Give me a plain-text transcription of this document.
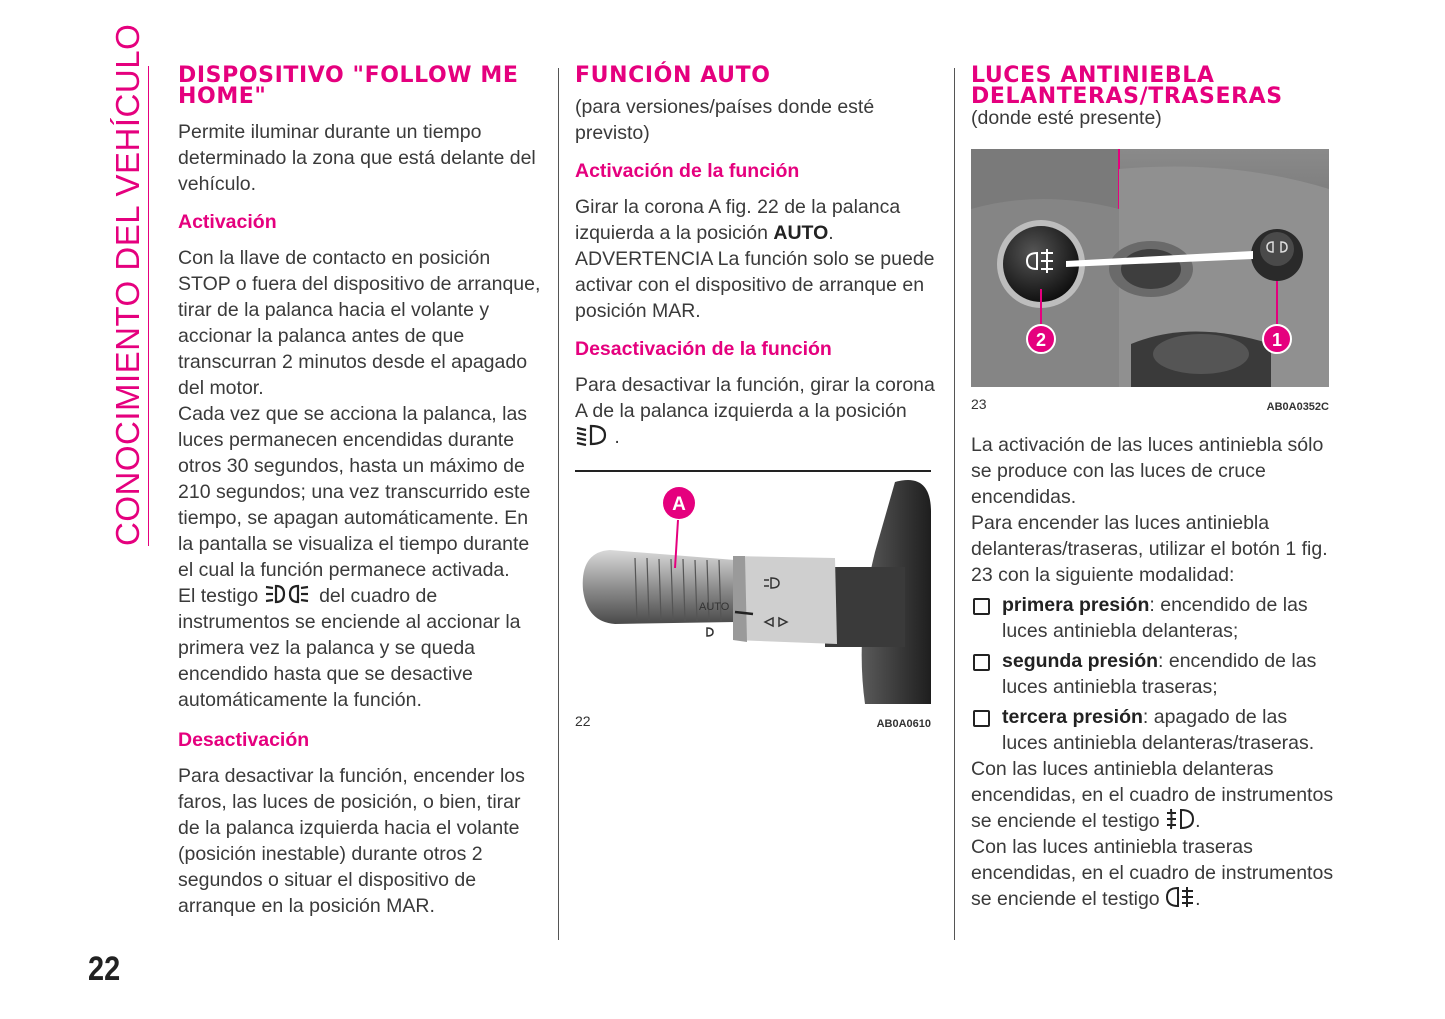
CONOCIMIENTO DEL VEHÍCULO
22
DISPOSITIVO "FOLLOW ME HOME"

Permite iluminar durante un tiempo determinado la zona que está delante del vehículo.

Activación

Con la llave de contacto en posición STOP o fuera del dispositivo de arranque, tirar de la palanca hacia el volante y accionar la palanca antes de que transcurran 2 minutos desde el apagado del motor.

Cada vez que se acciona la palanca, las luces permanecen encendidas durante otros 30 segundos, hasta un máximo de 210 segundos; una vez transcurrido este tiempo, se apagan automáticamente. En la pantalla se visualiza el tiempo durante el cual la función permanece activada.

El testigo	del cuadro de instrumentos se enciende al accionar la primera vez la palanca y se queda encendido hasta que se desactive automáticamente la función.

Desactivación

Para desactivar la función, encender los faros, las luces de posición, o bien, tirar de la palanca izquierda hacia el volante (posición inestable) durante otros 2 segundos o situar el dispositivo de arranque en la posición MAR.

FUNCIÓN AUTO

(para versiones/países donde esté previsto)

Activación de la función

Girar la corona A fig. 22 de la palanca izquierda a la posición AUTO. ADVERTENCIA La función solo se puede activar con el dispositivo de arranque en posición MAR.

Desactivación de la función

Para desactivar la función, girar la corona A de la palanca izquierda a la posición  .

AUTO
A
22	AB0A0610
LUCES ANTINIEBLA DELANTERAS/TRASERAS

(donde esté presente)

2	1
23	AB0A0352C

La activación de las luces antiniebla sólo se produce con las luces de cruce encendidas.

Para encender las luces antiniebla delanteras/traseras, utilizar el botón 1 fig. 23 con la siguiente modalidad:

primera presión: encendido de las luces antiniebla delanteras;
segunda presión: encendido de las luces antiniebla traseras;
tercera presión: apagado de las luces antiniebla delanteras/traseras.

Con las luces antiniebla delanteras encendidas, en el cuadro de instrumentos se enciende el testigo .

Con las luces antiniebla traseras encendidas, en el cuadro de instrumentos se enciende el testigo .
